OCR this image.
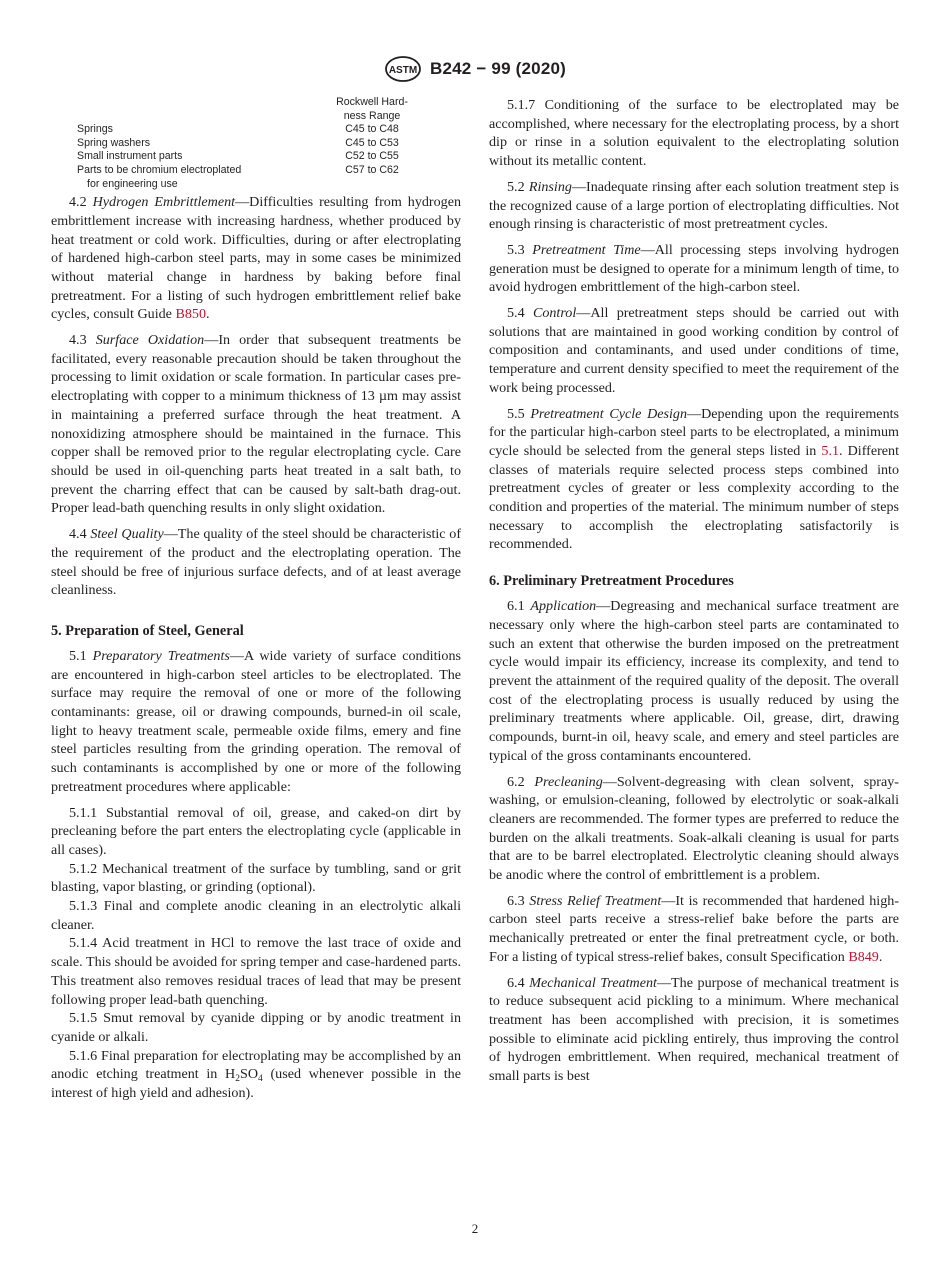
ASTM B242 − 99 (2020)
	Rockwell Hard-
ness Range
Springs	C45 to C48
Spring washers	C45 to C53
Small instrument parts	C52 to C55
Parts to be chromium electroplated
for engineering use	C57 to C62

4.2 Hydrogen Embrittlement—Difficulties resulting from hydrogen embrittlement increase with increasing hardness, whether produced by heat treatment or cold work. Difficulties, during or after electroplating of hardened high-carbon steel parts, may in some cases be minimized without material change in hardness by baking before final pretreatment. For a listing of such hydrogen embrittlement relief bake cycles, consult Guide B850.

4.3 Surface Oxidation—In order that subsequent treatments be facilitated, every reasonable precaution should be taken throughout the processing to limit oxidation or scale formation. In particular cases pre-electroplating with copper to a minimum thickness of 13 µm may assist in maintaining a preferred surface through the heat treatment. A nonoxidizing atmosphere should be maintained in the furnace. This copper shall be removed prior to the regular electroplating cycle. Care should be used in oil-quenching parts heat treated in a salt bath, to prevent the charring effect that can be caused by salt-bath drag-out. Proper lead-bath quenching results in only slight oxidation.

4.4 Steel Quality—The quality of the steel should be characteristic of the requirement of the product and the electroplating operation. The steel should be free of injurious surface defects, and of at least average cleanliness.

5. Preparation of Steel, General

5.1 Preparatory Treatments—A wide variety of surface conditions are encountered in high-carbon steel articles to be electroplated. The surface may require the removal of one or more of the following contaminants: grease, oil or drawing compounds, burned-in oil scale, light to heavy treatment scale, permeable oxide films, emery and fine steel particles resulting from the grinding operation. The removal of such contaminants is accomplished by one or more of the following pretreatment procedures where applicable:

5.1.1 Substantial removal of oil, grease, and caked-on dirt by precleaning before the part enters the electroplating cycle (applicable in all cases).

5.1.2 Mechanical treatment of the surface by tumbling, sand or grit blasting, vapor blasting, or grinding (optional).

5.1.3 Final and complete anodic cleaning in an electrolytic alkali cleaner.

5.1.4 Acid treatment in HCl to remove the last trace of oxide and scale. This should be avoided for spring temper and case-hardened parts. This treatment also removes residual traces of lead that may be present following proper lead-bath quenching.

5.1.5 Smut removal by cyanide dipping or by anodic treatment in cyanide or alkali.

5.1.6 Final preparation for electroplating may be accomplished by an anodic etching treatment in $H_2SO_4$ (used whenever possible in the interest of high yield and adhesion).

5.1.7 Conditioning of the surface to be electroplated may be accomplished, where necessary for the electroplating process, by a short dip or rinse in a solution equivalent to the electroplating solution without its metallic content.

5.2 Rinsing—Inadequate rinsing after each solution treatment step is the recognized cause of a large portion of electroplating difficulties. Not enough rinsing is characteristic of most pretreatment cycles.

5.3 Pretreatment Time—All processing steps involving hydrogen generation must be designed to operate for a minimum length of time, to avoid hydrogen embrittlement of the high-carbon steel.

5.4 Control—All pretreatment steps should be carried out with solutions that are maintained in good working condition by control of composition and contaminants, and used under conditions of time, temperature and current density specified to meet the requirement of the work being processed.

5.5 Pretreatment Cycle Design—Depending upon the requirements for the particular high-carbon steel parts to be electroplated, a minimum cycle should be selected from the general steps listed in 5.1. Different classes of materials require selected process steps combined into pretreatment cycles of greater or less complexity according to the condition and properties of the material. The minimum number of steps necessary to accomplish the electroplating satisfactorily is recommended.

6. Preliminary Pretreatment Procedures

6.1 Application—Degreasing and mechanical surface treatment are necessary only where the high-carbon steel parts are contaminated to such an extent that otherwise the burden imposed on the pretreatment cycle would impair its efficiency, increase its complexity, and tend to prevent the attainment of the required quality of the deposit. The overall cost of the electroplating process is usually reduced by using the preliminary treatments where applicable. Oil, grease, dirt, drawing compounds, burnt-in oil, heavy scale, and emery and steel particles are typical of the gross contaminants encountered.

6.2 Precleaning—Solvent-degreasing with clean solvent, spray-washing, or emulsion-cleaning, followed by electrolytic or soak-alkali cleaners are recommended. The former types are preferred to reduce the burden on the alkali treatments. Soak-alkali cleaning is usual for parts that are to be barrel electroplated. Electrolytic cleaning should always be anodic where the control of embrittlement is a problem.

6.3 Stress Relief Treatment—It is recommended that hardened high-carbon steel parts receive a stress-relief bake before the parts are mechanically pretreated or enter the final pretreatment cycle, or both. For a listing of typical stress-relief bakes, consult Specification B849.

6.4 Mechanical Treatment—The purpose of mechanical treatment is to reduce subsequent acid pickling to a minimum. Where mechanical treatment has been accomplished with precision, it is sometimes possible to eliminate acid pickling entirely, thus improving the control of hydrogen embrittlement. When required, mechanical treatment of small parts is best

2
